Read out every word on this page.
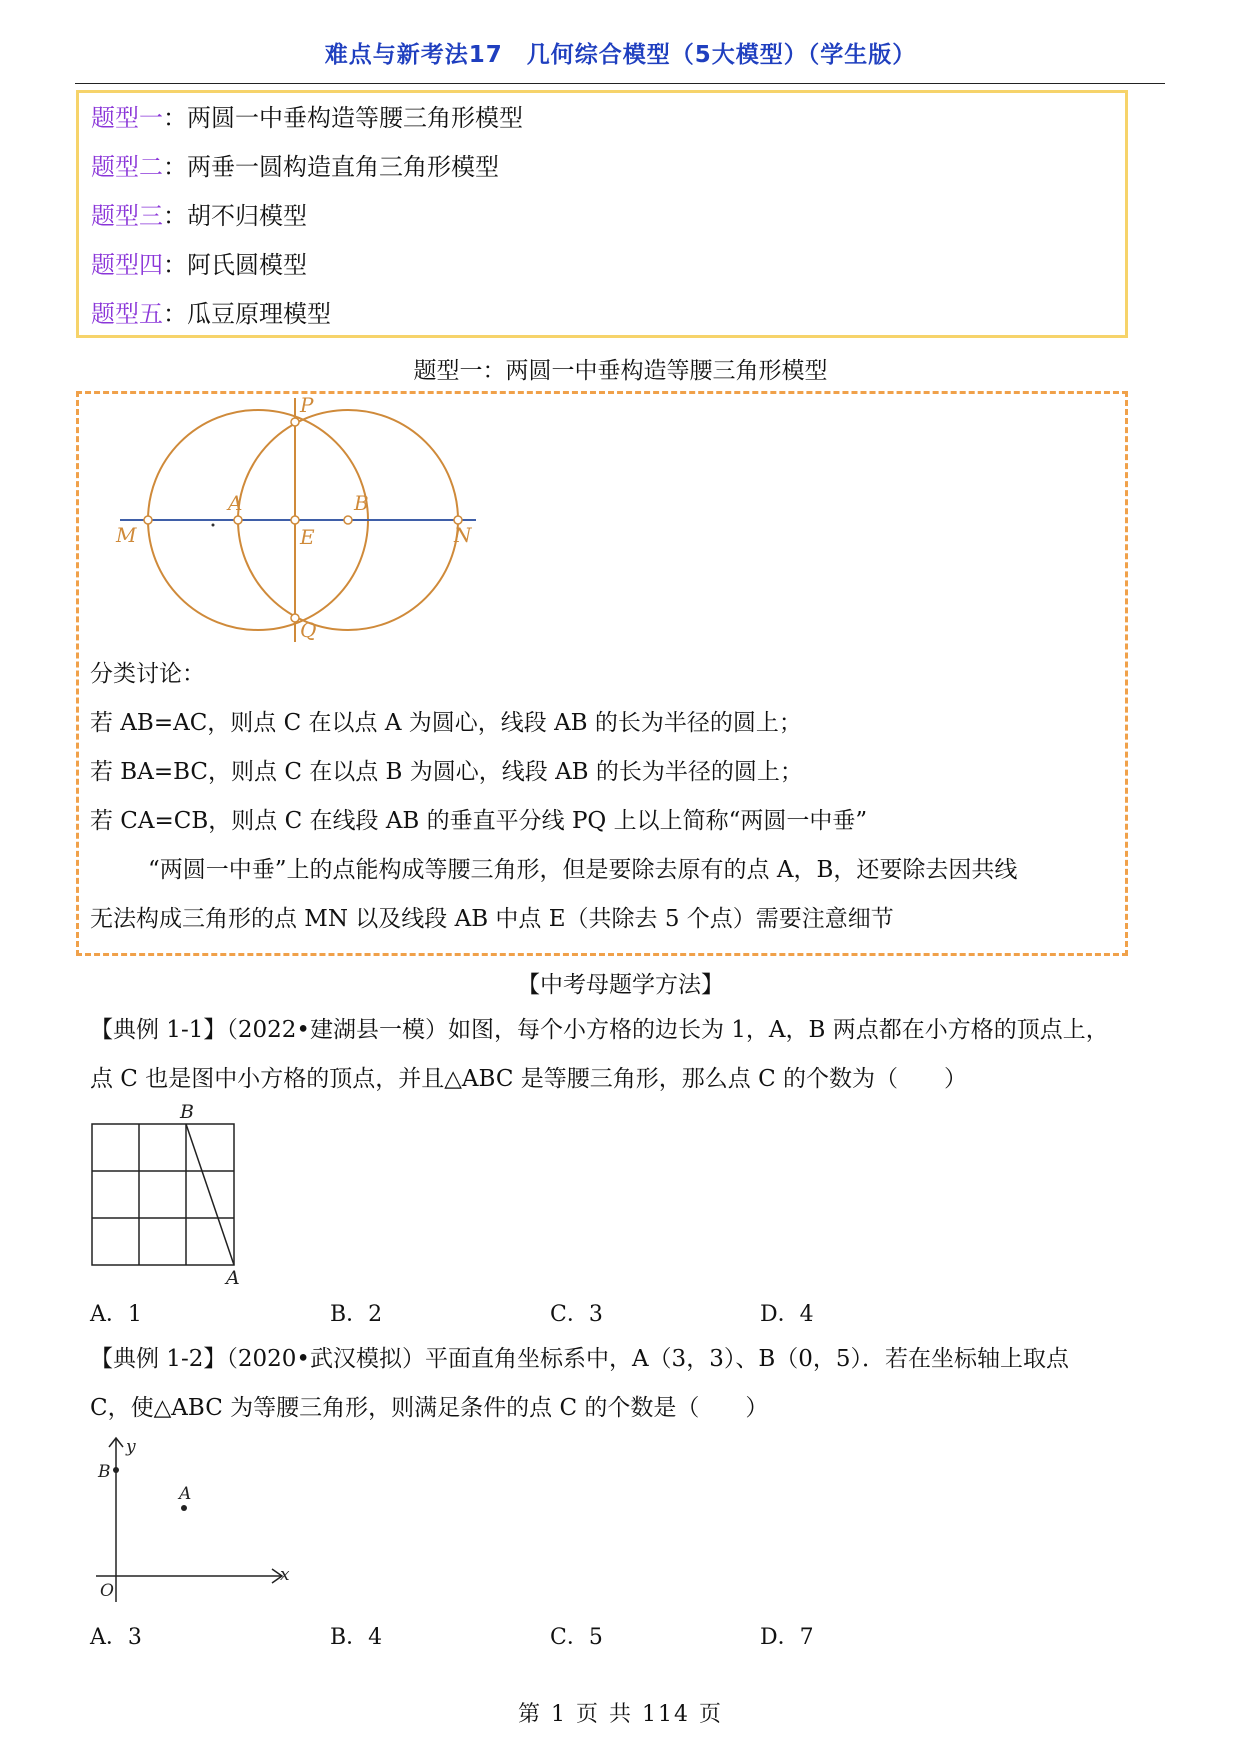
难点与新考法17　几何综合模型（5大模型）（学生版）
题型一：两圆一中垂构造等腰三角形模型
题型二：两垂一圆构造直角三角形模型
题型三：胡不归模型
题型四：阿氏圆模型
题型五：瓜豆原理模型
题型一：两圆一中垂构造等腰三角形模型
P
A	B
M	E	N
Q
分类讨论：
若 AB=AC，则点 C 在以点 A 为圆心，线段 AB 的长为半径的圆上；
若 BA=BC，则点 C 在以点 B 为圆心，线段 AB 的长为半径的圆上；
若 CA=CB，则点 C 在线段 AB 的垂直平分线 PQ 上以上简称“两圆一中垂”
“两圆一中垂”上的点能构成等腰三角形，但是要除去原有的点 A，B，还要除去因共线
无法构成三角形的点 MN 以及线段 AB 中点 E（共除去 5 个点）需要注意细节
【中考母题学方法】
【典例 1-1】（2022•建湖县一模）如图，每个小方格的边长为 1，A，B 两点都在小方格的顶点上，
点 C 也是图中小方格的顶点，并且△ABC 是等腰三角形，那么点 C 的个数为（　　）
B
A
A．1	B．2	C．3	D．4
【典例 1-2】（2020•武汉模拟）平面直角坐标系中，A（3，3）、B（0，5）．若在坐标轴上取点
C，使△ABC 为等腰三角形，则满足条件的点 C 的个数是（　　）
y
x
O
B
A
A．3	B．4	C．5	D．7
第 1 页 共 114 页
